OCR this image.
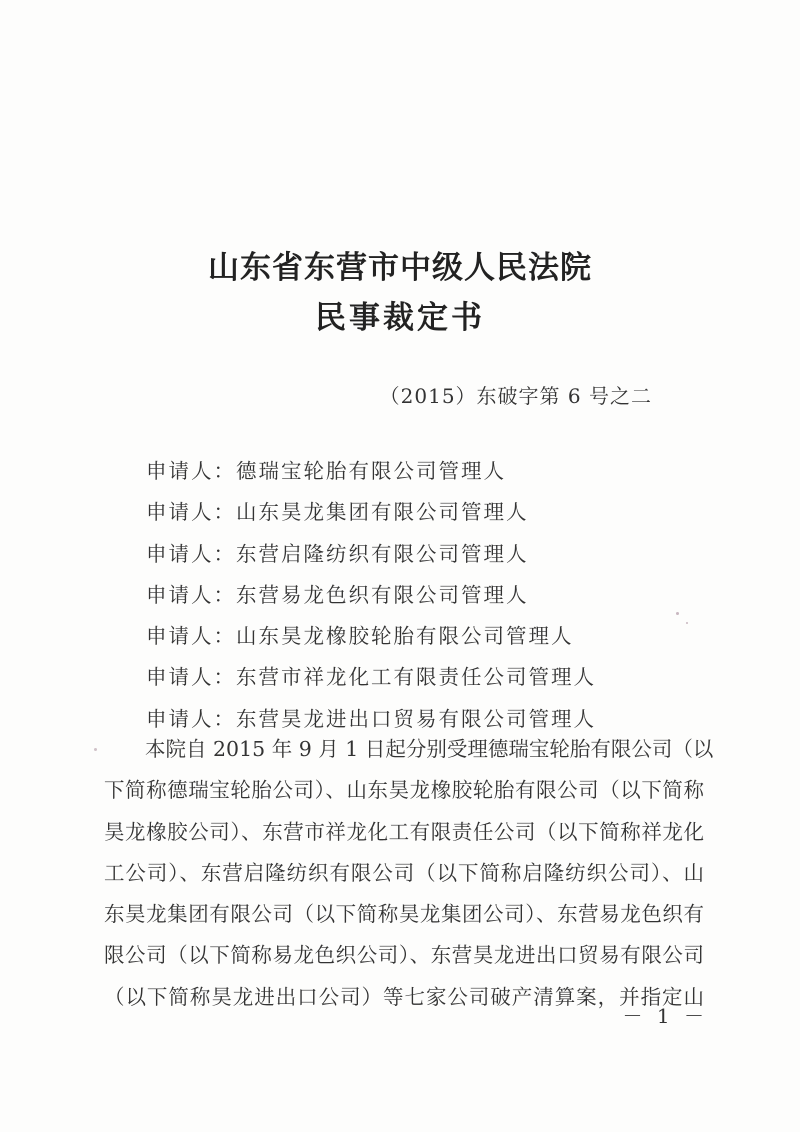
山东省东营市中级人民法院
民事裁定书
（2015）东破字第 6 号之二
申请人：德瑞宝轮胎有限公司管理人
申请人：山东昊龙集团有限公司管理人
申请人：东营启隆纺织有限公司管理人
申请人：东营易龙色织有限公司管理人
申请人：山东昊龙橡胶轮胎有限公司管理人
申请人：东营市祥龙化工有限责任公司管理人
申请人：东营昊龙进出口贸易有限公司管理人
本院自 2015 年 9 月 1 日起分别受理德瑞宝轮胎有限公司（以
下简称德瑞宝轮胎公司）、山东昊龙橡胶轮胎有限公司（以下简称
昊龙橡胶公司）、东营市祥龙化工有限责任公司（以下简称祥龙化
工公司）、东营启隆纺织有限公司（以下简称启隆纺织公司）、山
东昊龙集团有限公司（以下简称昊龙集团公司）、东营易龙色织有
限公司（以下简称易龙色织公司）、东营昊龙进出口贸易有限公司
（以下简称昊龙进出口公司）等七家公司破产清算案，并指定山
－ 1 －
